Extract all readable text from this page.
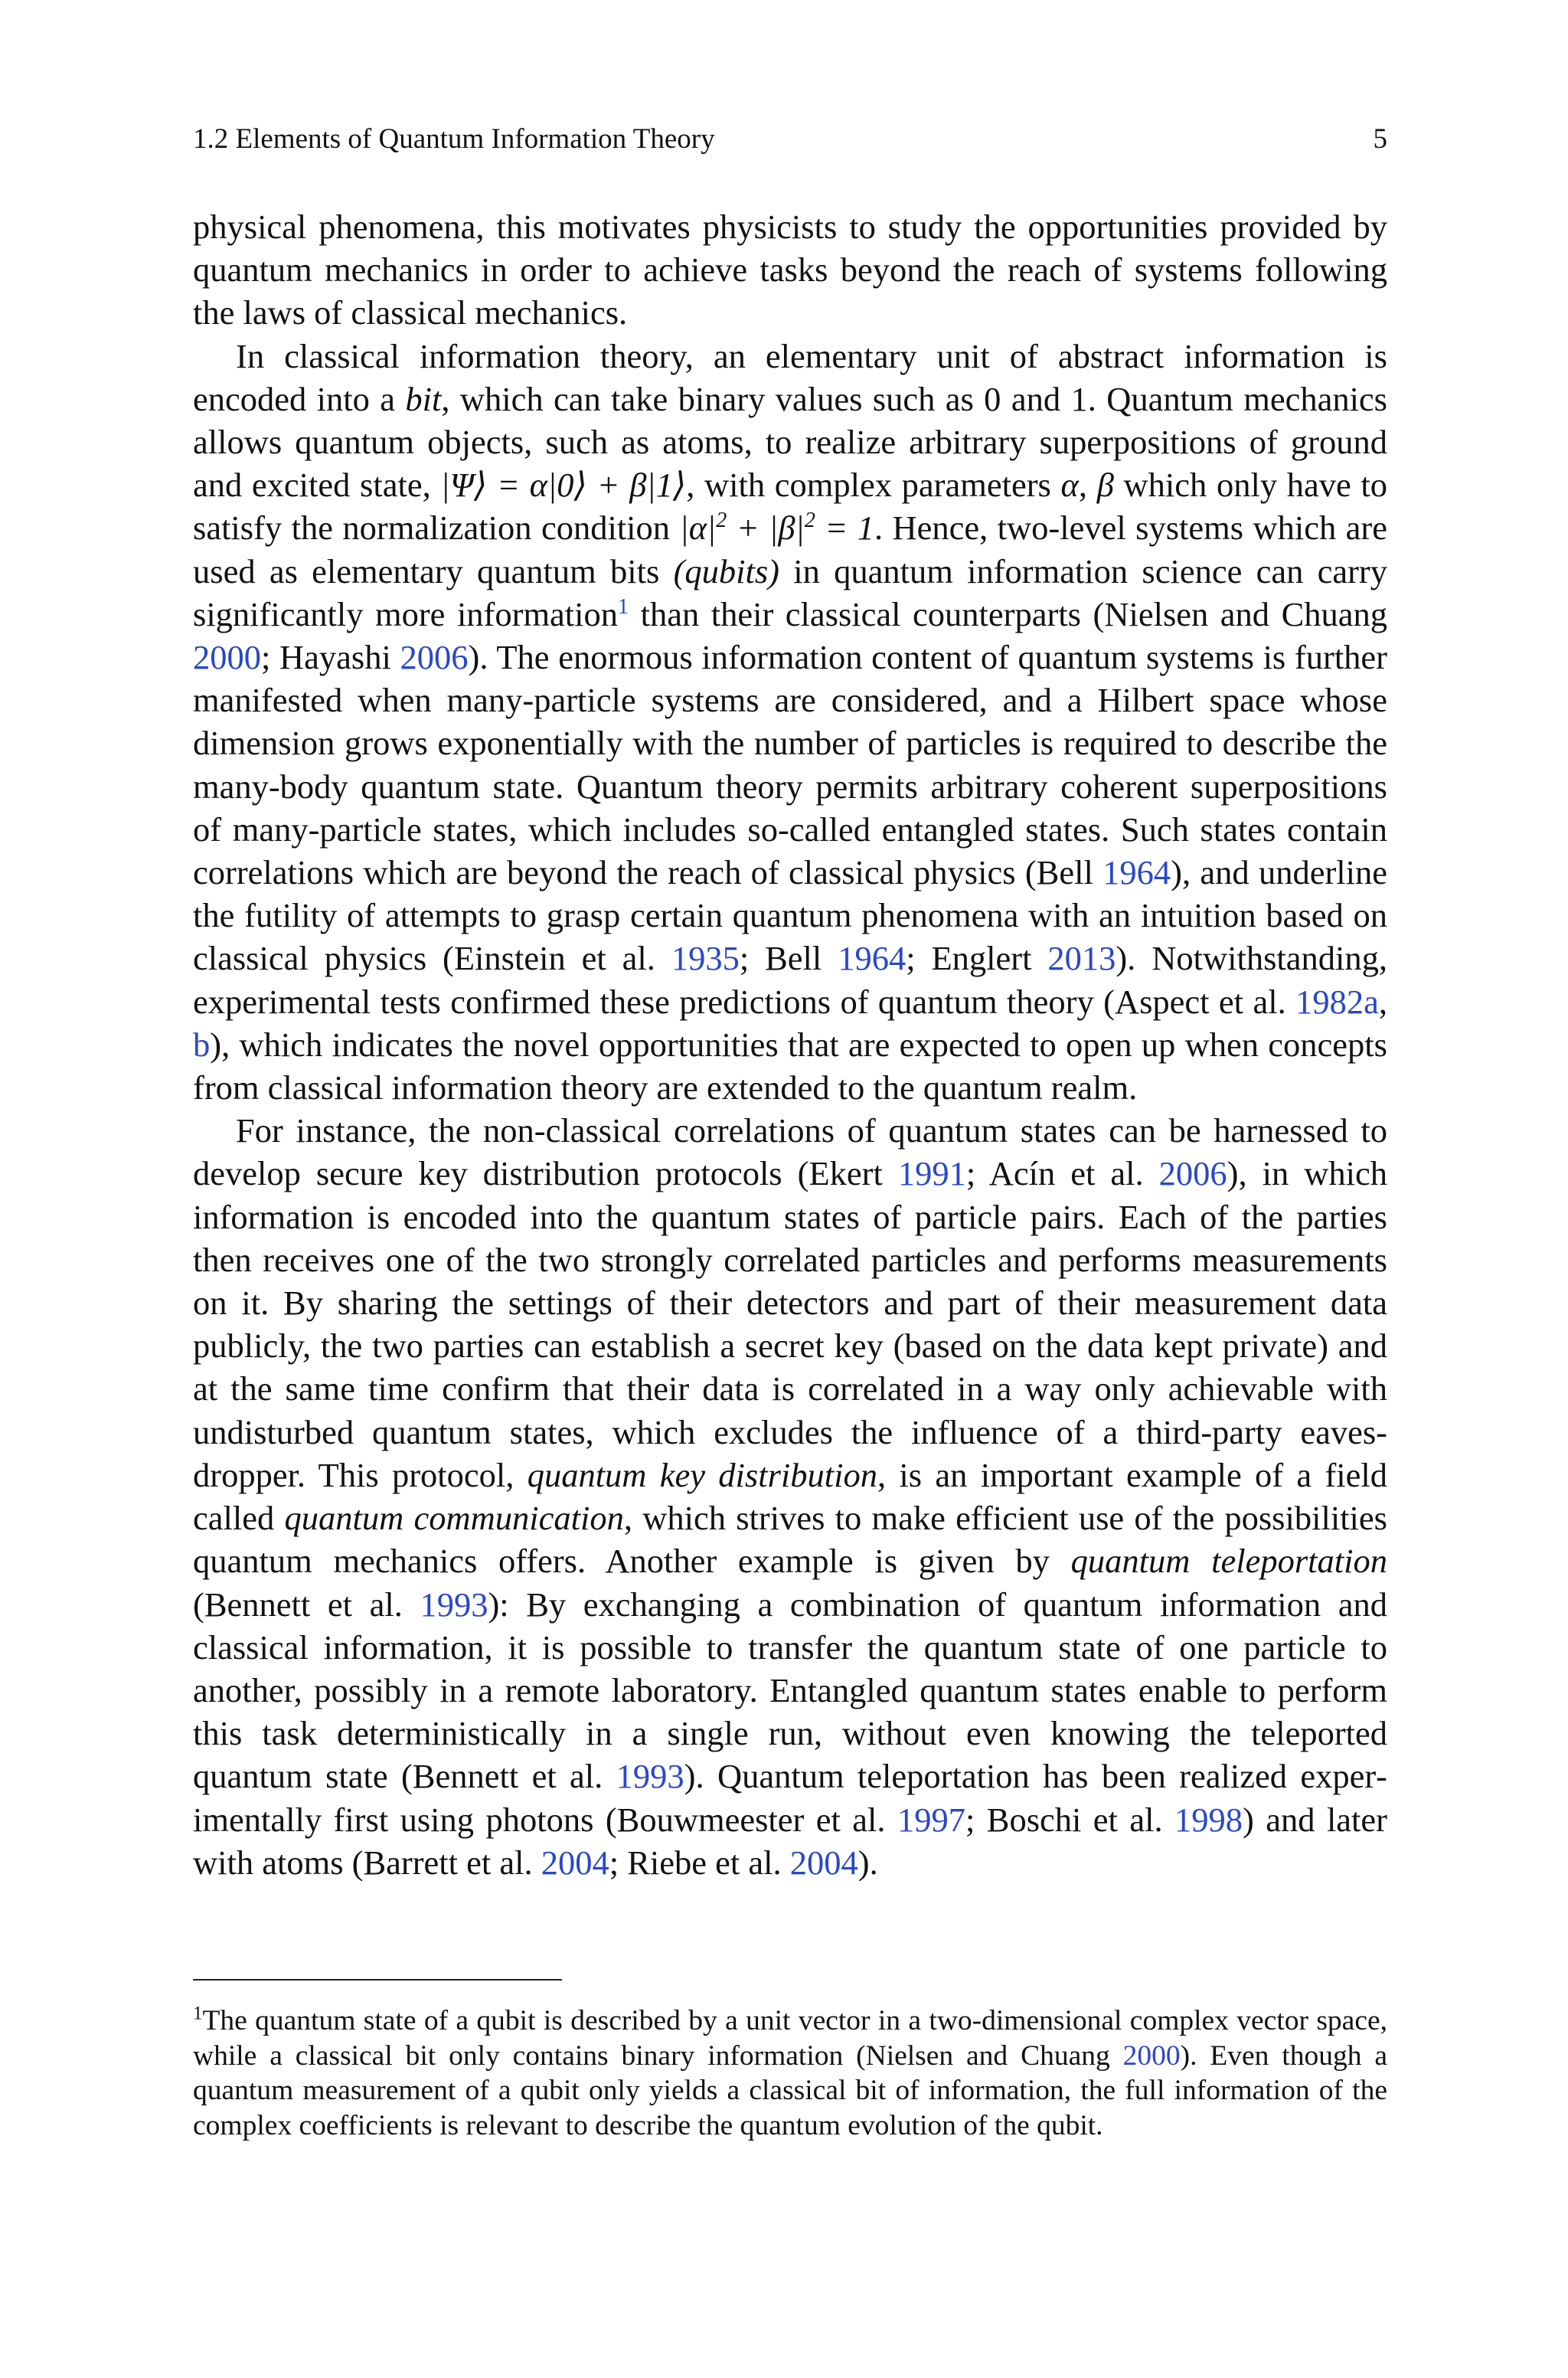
1.2 Elements of Quantum Information Theory	5

physical phenomena, this motivates physicists to study the opportunities provided by quantum mechanics in order to achieve tasks beyond the reach of systems following the laws of classical mechanics.

In classical information theory, an elementary unit of abstract information is encoded into a bit, which can take binary values such as 0 and 1. Quantum mechanics allows quantum objects, such as atoms, to realize arbitrary superpositions of ground and excited state, |Ψ⟩ = α|0⟩ + β|1⟩, with complex parameters α, β which only have to satisfy the normalization condition $|\alpha|^2 + |\beta|^2 = 1$. Hence, two-level systems which are used as elementary quantum bits (qubits) in quantum information science can carry significantly more information$^1$ than their classical counterparts (Nielsen and Chuang 2000; Hayashi 2006). The enormous information content of quantum systems is further manifested when many-particle systems are considered, and a Hilbert space whose dimension grows exponentially with the number of particles is required to describe the many-body quantum state. Quantum theory permits arbitrary coherent superpositions of many-particle states, which includes so-called entangled states. Such states contain correlations which are beyond the reach of classical physics (Bell 1964), and underline the futility of attempts to grasp certain quantum phenomena with an intuition based on classical physics (Einstein et al. 1935; Bell 1964; Englert 2013). Notwithstanding, experimental tests confirmed these predictions of quantum theory (Aspect et al. 1982a, b), which indicates the novel opportunities that are expected to open up when concepts from classical information theory are extended to the quantum realm.

For instance, the non-classical correlations of quantum states can be harnessed to develop secure key distribution protocols (Ekert 1991; Acín et al. 2006), in which information is encoded into the quantum states of particle pairs. Each of the parties then receives one of the two strongly correlated particles and performs measurements on it. By sharing the settings of their detectors and part of their measurement data publicly, the two parties can establish a secret key (based on the data kept private) and at the same time confirm that their data is correlated in a way only achievable with undisturbed quantum states, which excludes the influence of a third-party eavesdropper. This protocol, quantum key distribution, is an important example of a field called quantum communication, which strives to make efficient use of the possibilities quantum mechanics offers. Another example is given by quantum teleportation (Bennett et al. 1993): By exchanging a combination of quantum information and classical information, it is possible to transfer the quantum state of one particle to another, possibly in a remote laboratory. Entangled quantum states enable to perform this task deterministically in a single run, without even knowing the teleported quantum state (Bennett et al. 1993). Quantum teleportation has been realized experimentally first using photons (Bouwmeester et al. 1997; Boschi et al. 1998) and later with atoms (Barrett et al. 2004; Riebe et al. 2004).

$^1$The quantum state of a qubit is described by a unit vector in a two-dimensional complex vector space, while a classical bit only contains binary information (Nielsen and Chuang 2000). Even though a quantum measurement of a qubit only yields a classical bit of information, the full information of the complex coefficients is relevant to describe the quantum evolution of the qubit.
